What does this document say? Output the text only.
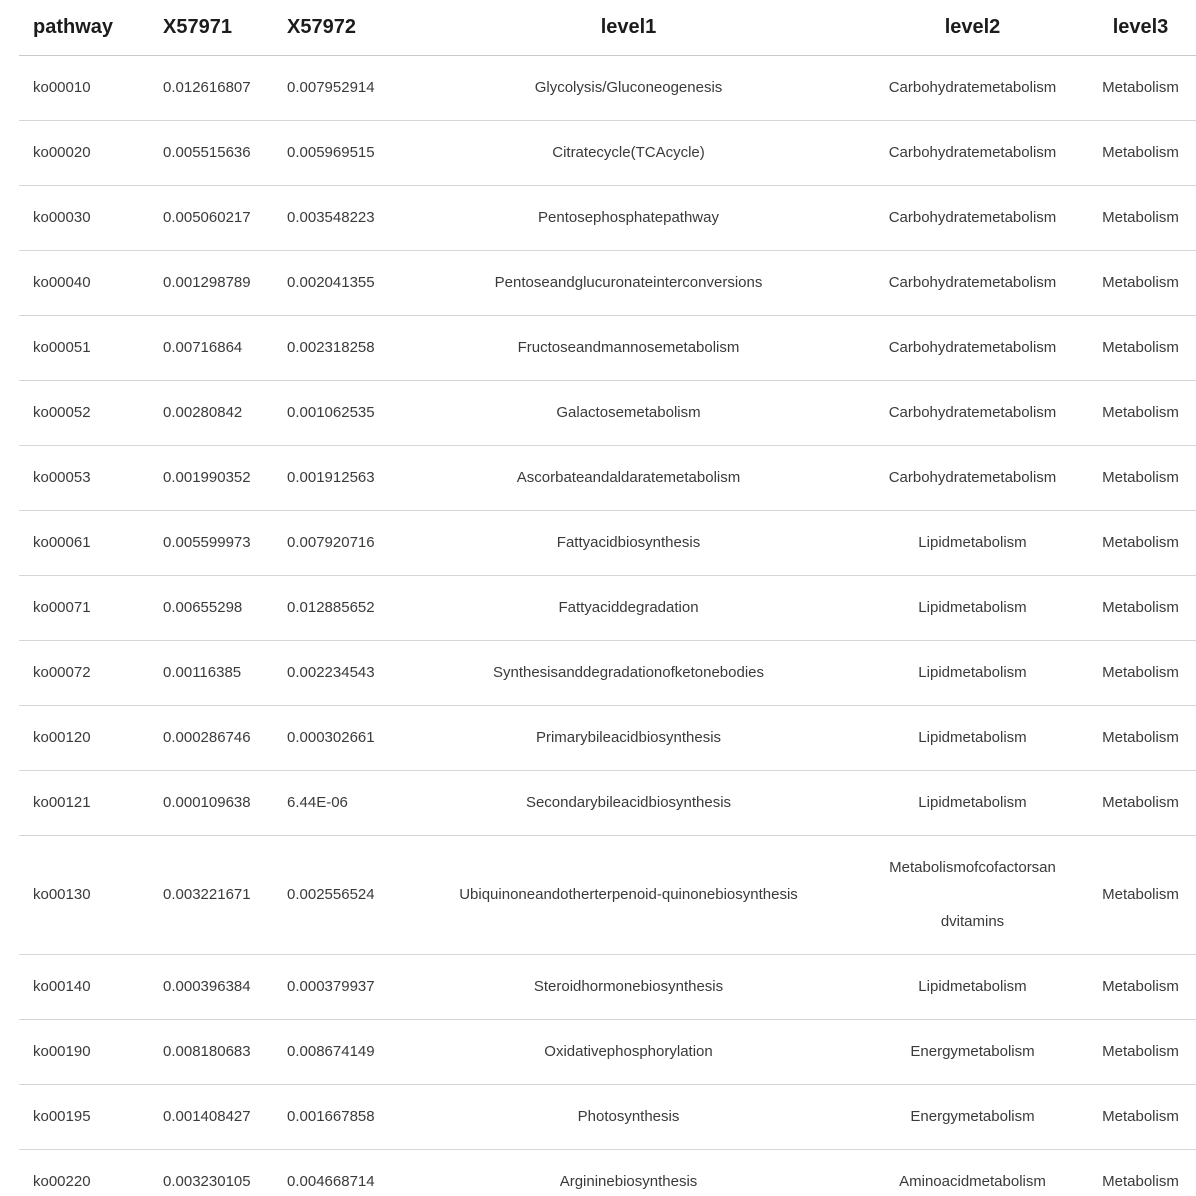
pathway	X57971	X57972	level1	level2	level3
ko00010	0.012616807	0.007952914	Glycolysis/Gluconeogenesis	Carbohydratemetabolism	Metabolism
ko00020	0.005515636	0.005969515	Citratecycle(TCAcycle)	Carbohydratemetabolism	Metabolism
ko00030	0.005060217	0.003548223	Pentosephosphatepathway	Carbohydratemetabolism	Metabolism
ko00040	0.001298789	0.002041355	Pentoseandglucuronateinterconversions	Carbohydratemetabolism	Metabolism
ko00051	0.00716864	0.002318258	Fructoseandmannosemetabolism	Carbohydratemetabolism	Metabolism
ko00052	0.00280842	0.001062535	Galactosemetabolism	Carbohydratemetabolism	Metabolism
ko00053	0.001990352	0.001912563	Ascorbateandaldaratemetabolism	Carbohydratemetabolism	Metabolism
ko00061	0.005599973	0.007920716	Fattyacidbiosynthesis	Lipidmetabolism	Metabolism
ko00071	0.00655298	0.012885652	Fattyaciddegradation	Lipidmetabolism	Metabolism
ko00072	0.00116385	0.002234543	Synthesisanddegradationofketonebodies	Lipidmetabolism	Metabolism
ko00120	0.000286746	0.000302661	Primarybileacidbiosynthesis	Lipidmetabolism	Metabolism
ko00121	0.000109638	6.44E-06	Secondarybileacidbiosynthesis	Lipidmetabolism	Metabolism
ko00130	0.003221671	0.002556524	Ubiquinoneandotherterpenoid-quinonebiosynthesis	Metabolismofcofactorsandvitamins	Metabolism
ko00140	0.000396384	0.000379937	Steroidhormonebiosynthesis	Lipidmetabolism	Metabolism
ko00190	0.008180683	0.008674149	Oxidativephosphorylation	Energymetabolism	Metabolism
ko00195	0.001408427	0.001667858	Photosynthesis	Energymetabolism	Metabolism
ko00220	0.003230105	0.004668714	Argininebiosynthesis	Aminoacidmetabolism	Metabolism
